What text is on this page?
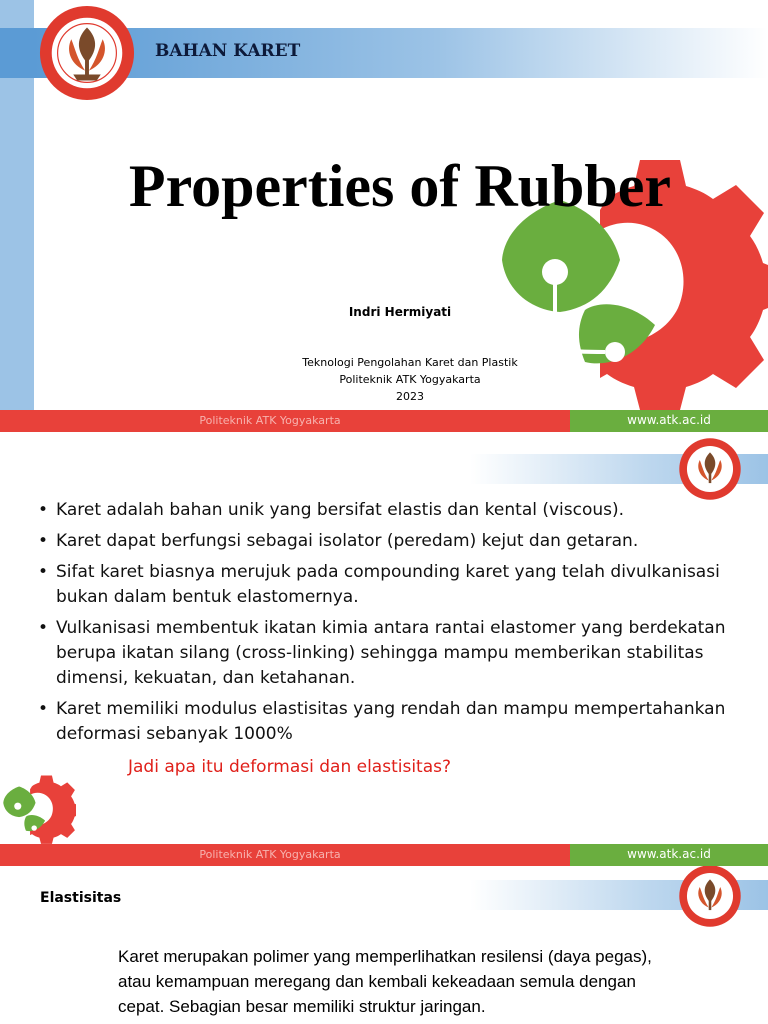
BAHAN KARET
Properties of Rubber
Indri Hermiyati
Teknologi Pengolahan Karet dan Plastik
Politeknik ATK Yogyakarta
2023
Politeknik ATK Yogyakarta	www.atk.ac.id
• Karet adalah bahan unik yang bersifat elastis dan kental (viscous).
• Karet dapat berfungsi sebagai isolator (peredam) kejut dan getaran.
• Sifat karet biasnya merujuk pada compounding karet yang telah divulkanisasi bukan dalam bentuk elastomernya.
• Vulkanisasi membentuk ikatan kimia antara rantai elastomer yang berdekatan berupa ikatan silang (cross-linking) sehingga mampu memberikan stabilitas dimensi, kekuatan, dan ketahanan.
• Karet memiliki modulus elastisitas yang rendah dan mampu mempertahankan deformasi sebanyak 1000%
Jadi apa itu deformasi dan elastisitas?
Politeknik ATK Yogyakarta	www.atk.ac.id
Elastisitas
Karet merupakan polimer yang memperlihatkan resilensi (daya pegas), atau kemampuan meregang dan kembali kekeadaan semula dengan cepat. Sebagian besar memiliki struktur jaringan.
